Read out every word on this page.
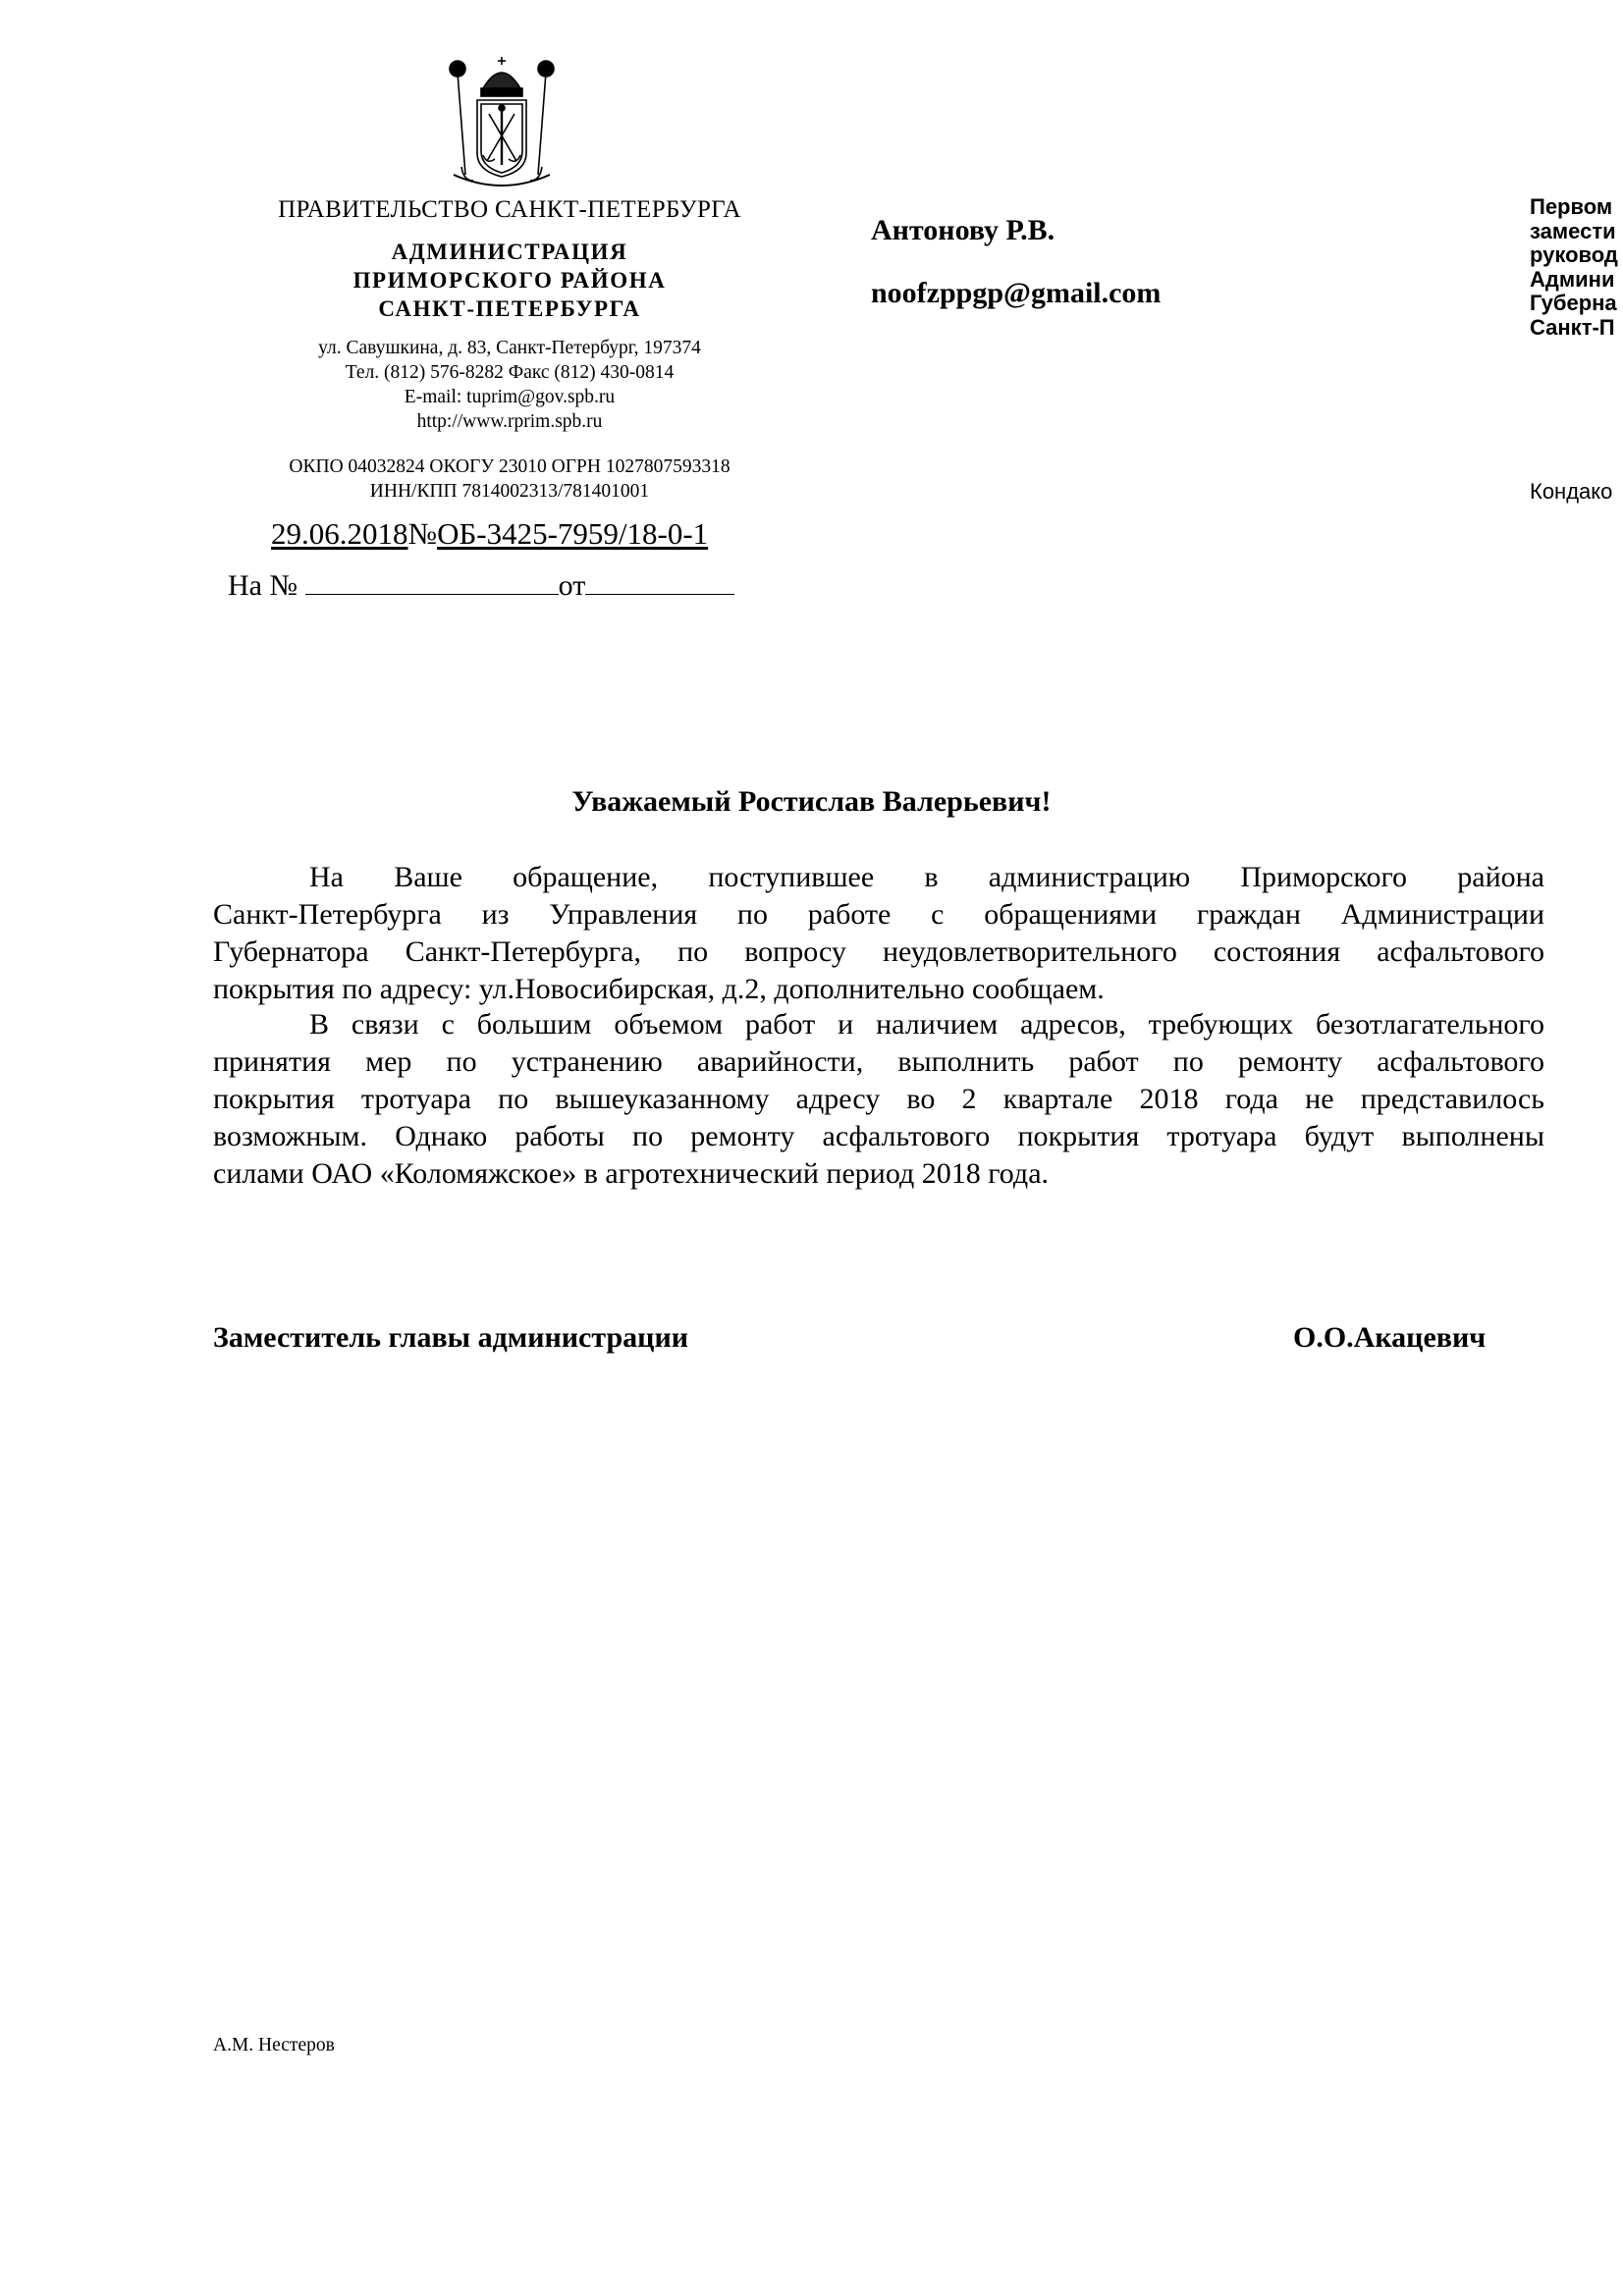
ПРАВИТЕЛЬСТВО САНКТ-ПЕТЕРБУРГА
АДМИНИСТРАЦИЯ
ПРИМОРСКОГО РАЙОНА
САНКТ-ПЕТЕРБУРГА
ул. Савушкина, д. 83, Санкт-Петербург, 197374
Тел. (812) 576-8282 Факс (812) 430-0814
E-mail: tuprim@gov.spb.ru
http://www.rprim.spb.ru
ОКПО 04032824 ОКОГУ 23010 ОГРН 1027807593318
ИНН/КПП 7814002313/781401001
29.06.2018№ОБ-3425-7959/18-0-1
На №	от
Антонову Р.В.
noofzppgp@gmail.com
Первом
замести
руковод
Админи
Губерна
Санкт-П
Кондако
Уважаемый Ростислав Валерьевич!
На Ваше обращение, поступившее в администрацию Приморского района
Санкт-Петербурга из Управления по работе с обращениями граждан Администрации
Губернатора Санкт-Петербурга, по вопросу неудовлетворительного состояния асфальтового
покрытия по адресу: ул.Новосибирская, д.2, дополнительно сообщаем.
В связи с большим объемом работ и наличием адресов, требующих безотлагательного
принятия мер по устранению аварийности, выполнить работ по ремонту асфальтового
покрытия тротуара по вышеуказанному адресу во 2 квартале 2018 года не представилось
возможным. Однако работы по ремонту асфальтового покрытия тротуара будут выполнены
силами ОАО «Коломяжское» в агротехнический период 2018 года.
Заместитель главы администрации	О.О.Акацевич
А.М. Нестеров
